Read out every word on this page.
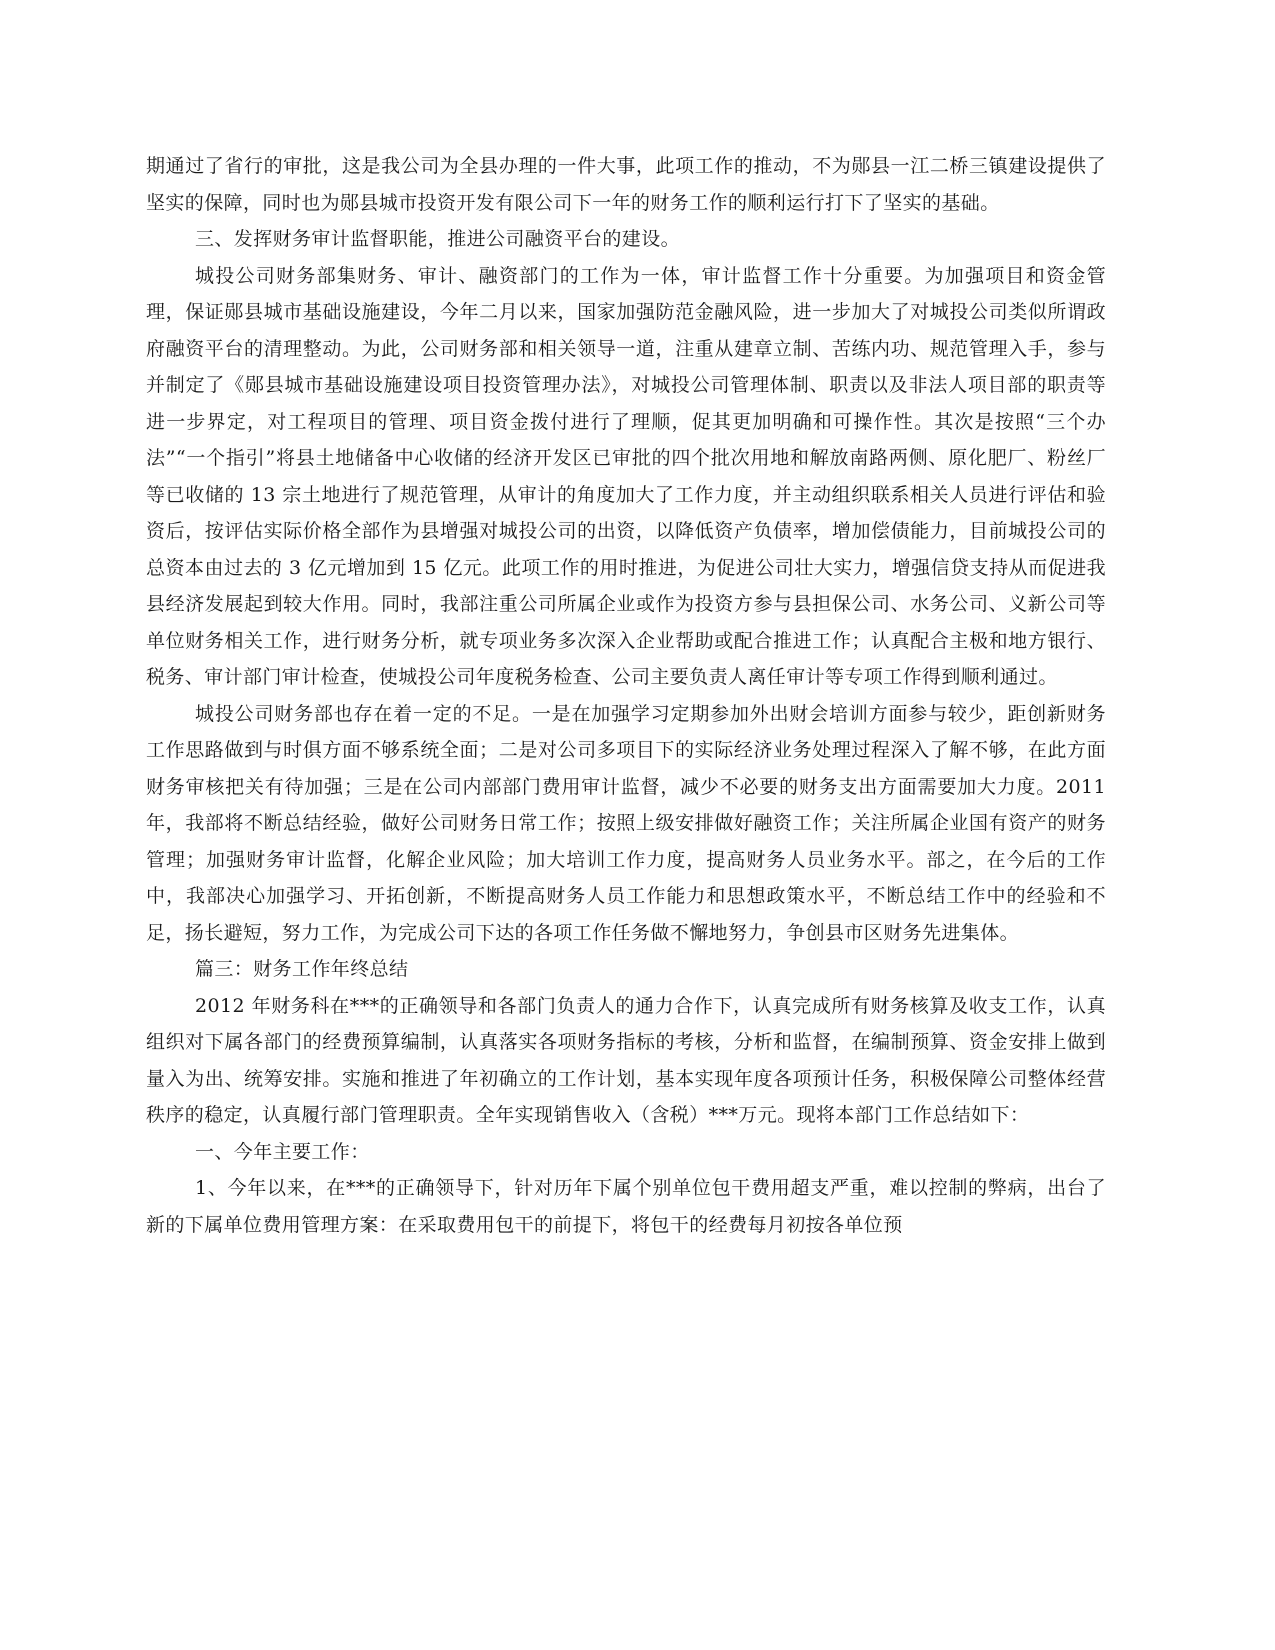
期通过了省行的审批，这是我公司为全县办理的一件大事，此项工作的推动，不为郧县一江二桥三镇建设提供了坚实的保障，同时也为郧县城市投资开发有限公司下一年的财务工作的顺利运行打下了坚实的基础。

三、发挥财务审计监督职能，推进公司融资平台的建设。

城投公司财务部集财务、审计、融资部门的工作为一体，审计监督工作十分重要。为加强项目和资金管理，保证郧县城市基础设施建设，今年二月以来，国家加强防范金融风险，进一步加大了对城投公司类似所谓政府融资平台的清理整动。为此，公司财务部和相关领导一道，注重从建章立制、苦练内功、规范管理入手，参与并制定了《郧县城市基础设施建设项目投资管理办法》，对城投公司管理体制、职责以及非法人项目部的职责等进一步界定，对工程项目的管理、项目资金拨付进行了理顺，促其更加明确和可操作性。其次是按照“三个办法”“一个指引”将县土地储备中心收储的经济开发区已审批的四个批次用地和解放南路两侧、原化肥厂、粉丝厂等已收储的 13 宗土地进行了规范管理，从审计的角度加大了工作力度，并主动组织联系相关人员进行评估和验资后，按评估实际价格全部作为县增强对城投公司的出资，以降低资产负债率，增加偿债能力，目前城投公司的总资本由过去的 3 亿元增加到 15 亿元。此项工作的用时推进，为促进公司壮大实力，增强信贷支持从而促进我县经济发展起到较大作用。同时，我部注重公司所属企业或作为投资方参与县担保公司、水务公司、义新公司等单位财务相关工作，进行财务分析，就专项业务多次深入企业帮助或配合推进工作；认真配合主极和地方银行、税务、审计部门审计检查，使城投公司年度税务检查、公司主要负责人离任审计等专项工作得到顺利通过。

城投公司财务部也存在着一定的不足。一是在加强学习定期参加外出财会培训方面参与较少，距创新财务工作思路做到与时俱方面不够系统全面；二是对公司多项目下的实际经济业务处理过程深入了解不够，在此方面财务审核把关有待加强；三是在公司内部部门费用审计监督，减少不必要的财务支出方面需要加大力度。2011 年，我部将不断总结经验，做好公司财务日常工作；按照上级安排做好融资工作；关注所属企业国有资产的财务管理；加强财务审计监督，化解企业风险；加大培训工作力度，提高财务人员业务水平。部之，在今后的工作中，我部决心加强学习、开拓创新，不断提高财务人员工作能力和思想政策水平，不断总结工作中的经验和不足，扬长避短，努力工作，为完成公司下达的各项工作任务做不懈地努力，争创县市区财务先进集体。

篇三：财务工作年终总结

2012 年财务科在***的正确领导和各部门负责人的通力合作下，认真完成所有财务核算及收支工作，认真组织对下属各部门的经费预算编制，认真落实各项财务指标的考核，分析和监督，在编制预算、资金安排上做到量入为出、统筹安排。实施和推进了年初确立的工作计划，基本实现年度各项预计任务，积极保障公司整体经营秩序的稳定，认真履行部门管理职责。全年实现销售收入（含税）***万元。现将本部门工作总结如下：

一、今年主要工作：

1、今年以来，在***的正确领导下，针对历年下属个别单位包干费用超支严重，难以控制的弊病，出台了新的下属单位费用管理方案：在采取费用包干的前提下，将包干的经费每月初按各单位预
